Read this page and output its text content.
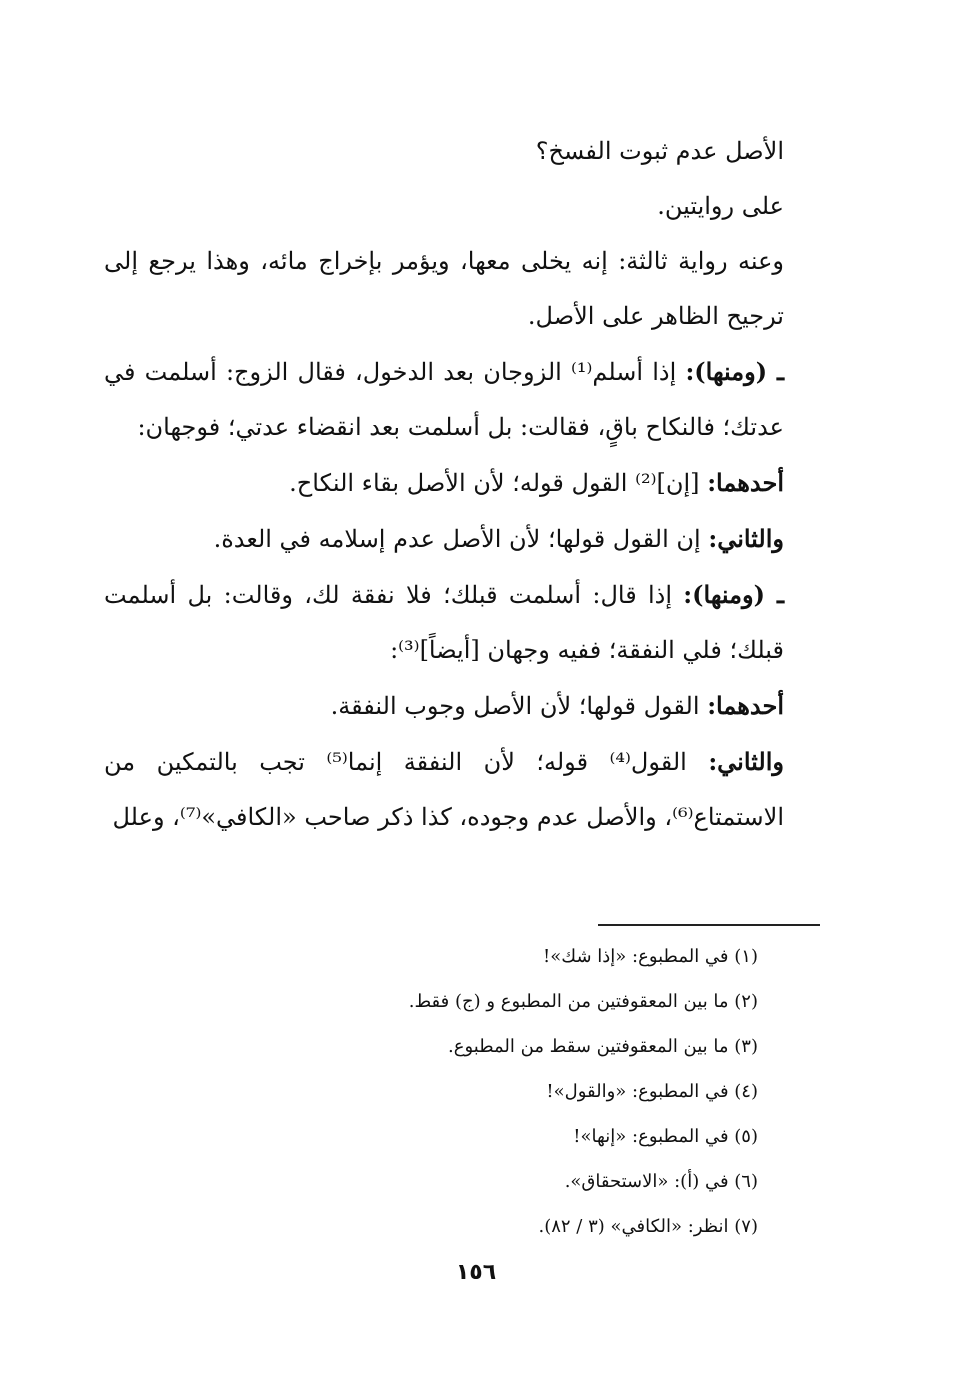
الأصل عدم ثبوت الفسخ؟

على روايتين.

وعنه رواية ثالثة: إنه يخلى معها، ويؤمر بإخراج مائه، وهذا يرجع إلى ترجيح الظاهر على الأصل.

ـ (ومنها): إذا أسلم⁽¹⁾ الزوجان بعد الدخول، فقال الزوج: أسلمت في عدتك؛ فالنكاح باقٍ، فقالت: بل أسلمت بعد انقضاء عدتي؛ فوجهان:

أحدهما: [إن]⁽²⁾ القول قوله؛ لأن الأصل بقاء النكاح.

والثاني: إن القول قولها؛ لأن الأصل عدم إسلامه في العدة.

ـ (ومنها): إذا قال: أسلمت قبلك؛ فلا نفقة لك، وقالت: بل أسلمت قبلك؛ فلي النفقة؛ ففيه وجهان [أيضاً]⁽³⁾:

أحدهما: القول قولها؛ لأن الأصل وجوب النفقة.

والثاني: القول⁽⁴⁾ قوله؛ لأن النفقة إنما⁽⁵⁾ تجب بالتمكين من الاستمتاع⁽⁶⁾، والأصل عدم وجوده، كذا ذكر صاحب «الكافي»⁽⁷⁾، وعلل

(١) في المطبوع: «إذا شك»!
(٢) ما بين المعقوفتين من المطبوع و (ج) فقط.
(٣) ما بين المعقوفتين سقط من المطبوع.
(٤) في المطبوع: «والقول»!
(٥) في المطبوع: «إنها»!
(٦) في (أ): «الاستحقاق».
(٧) انظر: «الكافي» (٣ / ٨٢).
١٥٦
